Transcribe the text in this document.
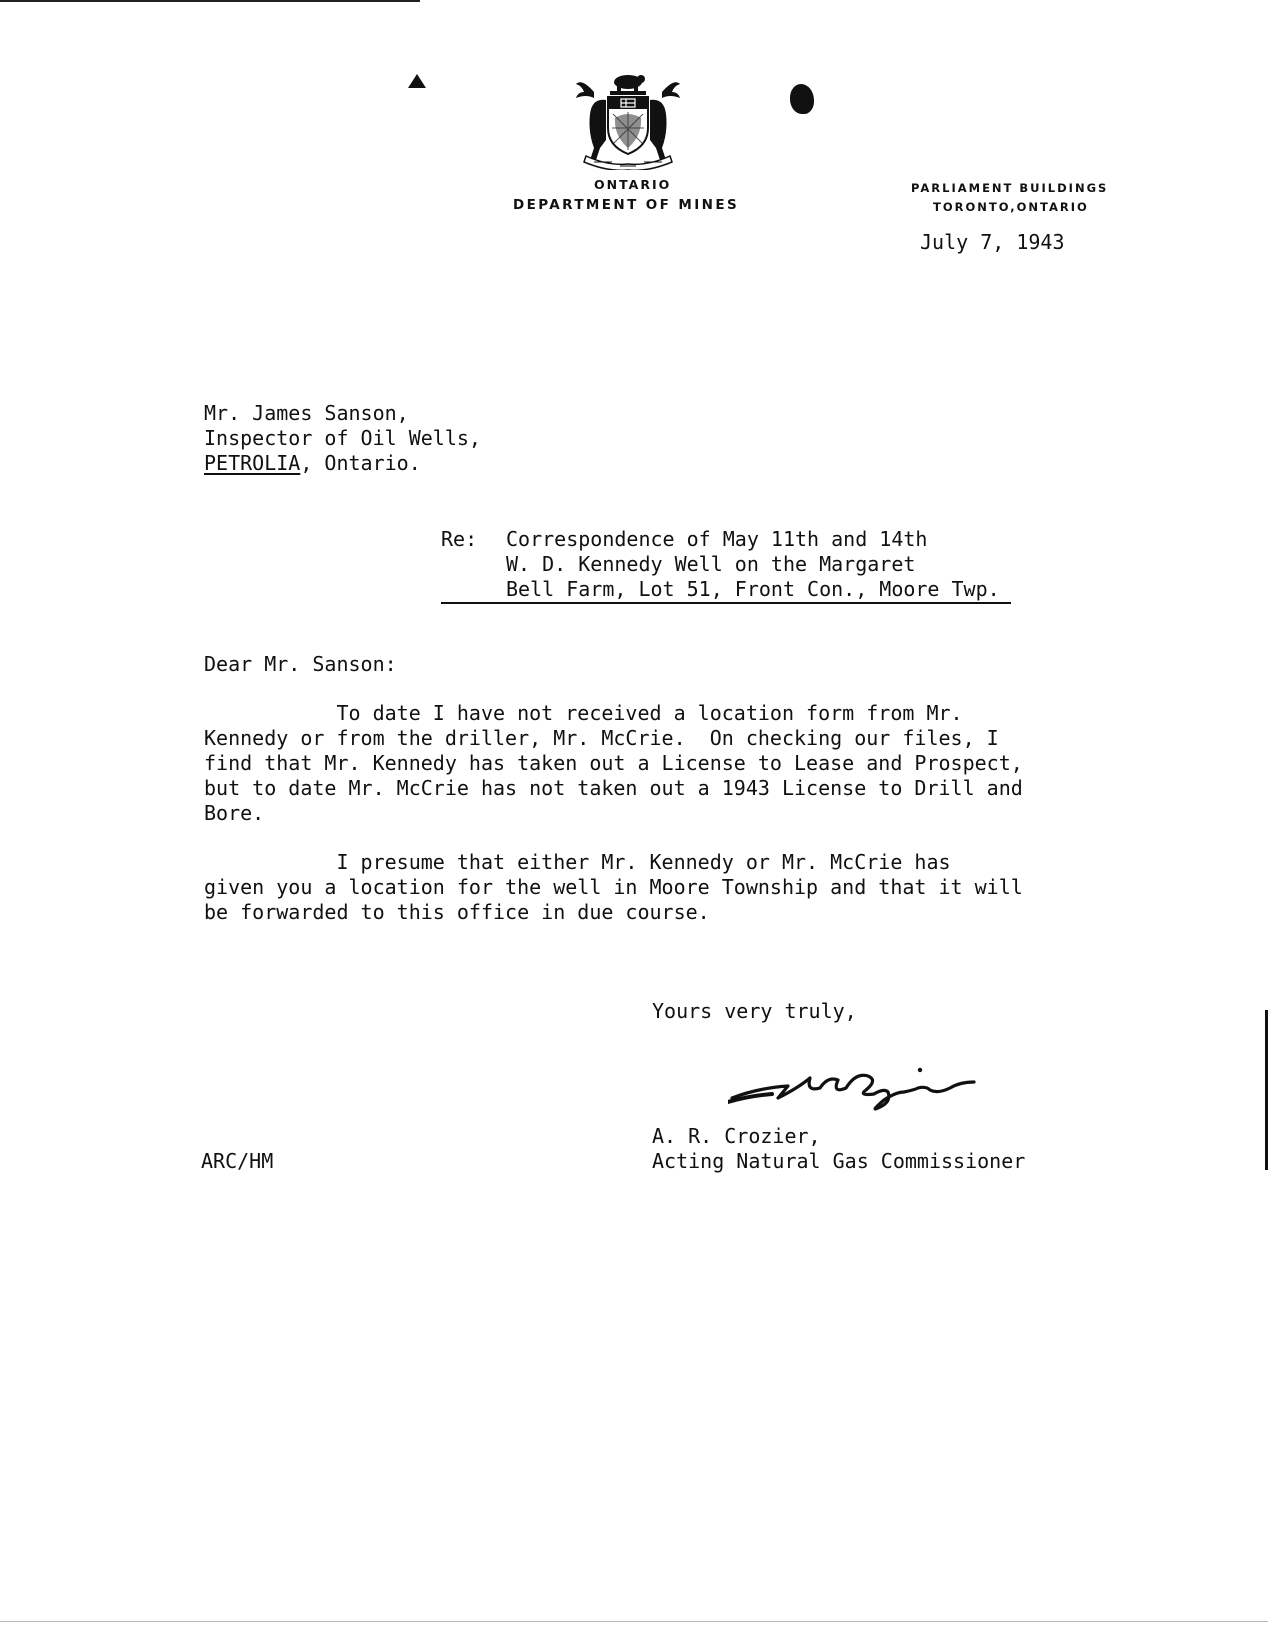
ONTARIO
DEPARTMENT OF MINES
PARLIAMENT BUILDINGS
TORONTO,ONTARIO
July 7, 1943
Mr. James Sanson,
Inspector of Oil Wells,
PETROLIA, Ontario.
Re: Correspondence of May 11th and 14th
W. D. Kennedy Well on the Margaret
Bell Farm, Lot 51, Front Con., Moore Twp.
Dear Mr. Sanson:
To date I have not received a location form from Mr.
Kennedy or from the driller, Mr. McCrie.  On checking our files, I
find that Mr. Kennedy has taken out a License to Lease and Prospect,
but to date Mr. McCrie has not taken out a 1943 License to Drill and
Bore.
I presume that either Mr. Kennedy or Mr. McCrie has
given you a location for the well in Moore Township and that it will
be forwarded to this office in due course.
Yours very truly,
A. R. Crozier,
Acting Natural Gas Commissioner
ARC/HM
